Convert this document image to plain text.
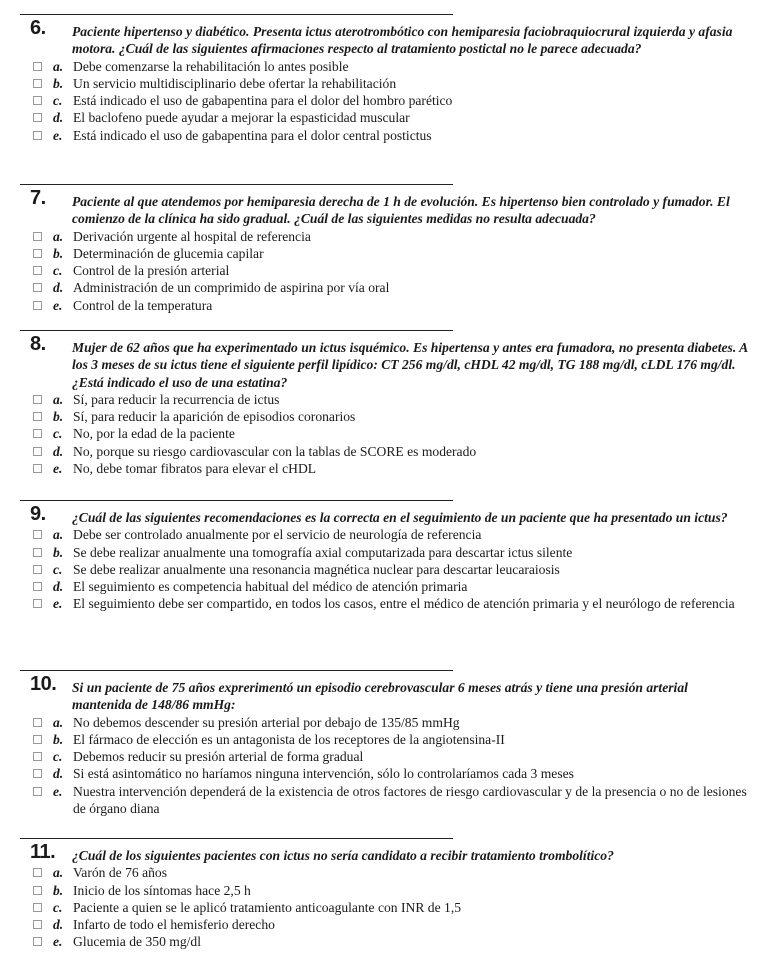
6. Paciente hipertenso y diabético. Presenta ictus aterotrombótico con hemiparesia faciobraquiocrural izquierda y afasia motora. ¿Cuál de las siguientes afirmaciones respecto al tratamiento postictal no le parece adecuada?
a. Debe comenzarse la rehabilitación lo antes posible
b. Un servicio multidisciplinario debe ofertar la rehabilitación
c. Está indicado el uso de gabapentina para el dolor del hombro parético
d. El baclofeno puede ayudar a mejorar la espasticidad muscular
e. Está indicado el uso de gabapentina para el dolor central postictus
7. Paciente al que atendemos por hemiparesia derecha de 1 h de evolución. Es hipertenso bien controlado y fumador. El comienzo de la clínica ha sido gradual. ¿Cuál de las siguientes medidas no resulta adecuada?
a. Derivación urgente al hospital de referencia
b. Determinación de glucemia capilar
c. Control de la presión arterial
d. Administración de un comprimido de aspirina por vía oral
e. Control de la temperatura
8. Mujer de 62 años que ha experimentado un ictus isquémico. Es hipertensa y antes era fumadora, no presenta diabetes. A los 3 meses de su ictus tiene el siguiente perfil lipídico: CT 256 mg/dl, cHDL 42 mg/dl, TG 188 mg/dl, cLDL 176 mg/dl. ¿Está indicado el uso de una estatina?
a. Sí, para reducir la recurrencia de ictus
b. Sí, para reducir la aparición de episodios coronarios
c. No, por la edad de la paciente
d. No, porque su riesgo cardiovascular con la tablas de SCORE es moderado
e. No, debe tomar fibratos para elevar el cHDL
9. ¿Cuál de las siguientes recomendaciones es la correcta en el seguimiento de un paciente que ha presentado un ictus?
a. Debe ser controlado anualmente por el servicio de neurología de referencia
b. Se debe realizar anualmente una tomografía axial computarizada para descartar ictus silente
c. Se debe realizar anualmente una resonancia magnética nuclear para descartar leucaraiosis
d. El seguimiento es competencia habitual del médico de atención primaria
e. El seguimiento debe ser compartido, en todos los casos, entre el médico de atención primaria y el neurólogo de referencia
10. Si un paciente de 75 años exprerimentó un episodio cerebrovascular 6 meses atrás y tiene una presión arterial mantenida de 148/86 mmHg:
a. No debemos descender su presión arterial por debajo de 135/85 mmHg
b. El fármaco de elección es un antagonista de los receptores de la angiotensina-II
c. Debemos reducir su presión arterial de forma gradual
d. Si está asintomático no haríamos ninguna intervención, sólo lo controlaríamos cada 3 meses
e. Nuestra intervención dependerá de la existencia de otros factores de riesgo cardiovascular y de la presencia o no de lesiones de órgano diana
11. ¿Cuál de los siguientes pacientes con ictus no sería candidato a recibir tratamiento trombolítico?
a. Varón de 76 años
b. Inicio de los síntomas hace 2,5 h
c. Paciente a quien se le aplicó tratamiento anticoagulante con INR de 1,5
d. Infarto de todo el hemisferio derecho
e. Glucemia de 350 mg/dl
